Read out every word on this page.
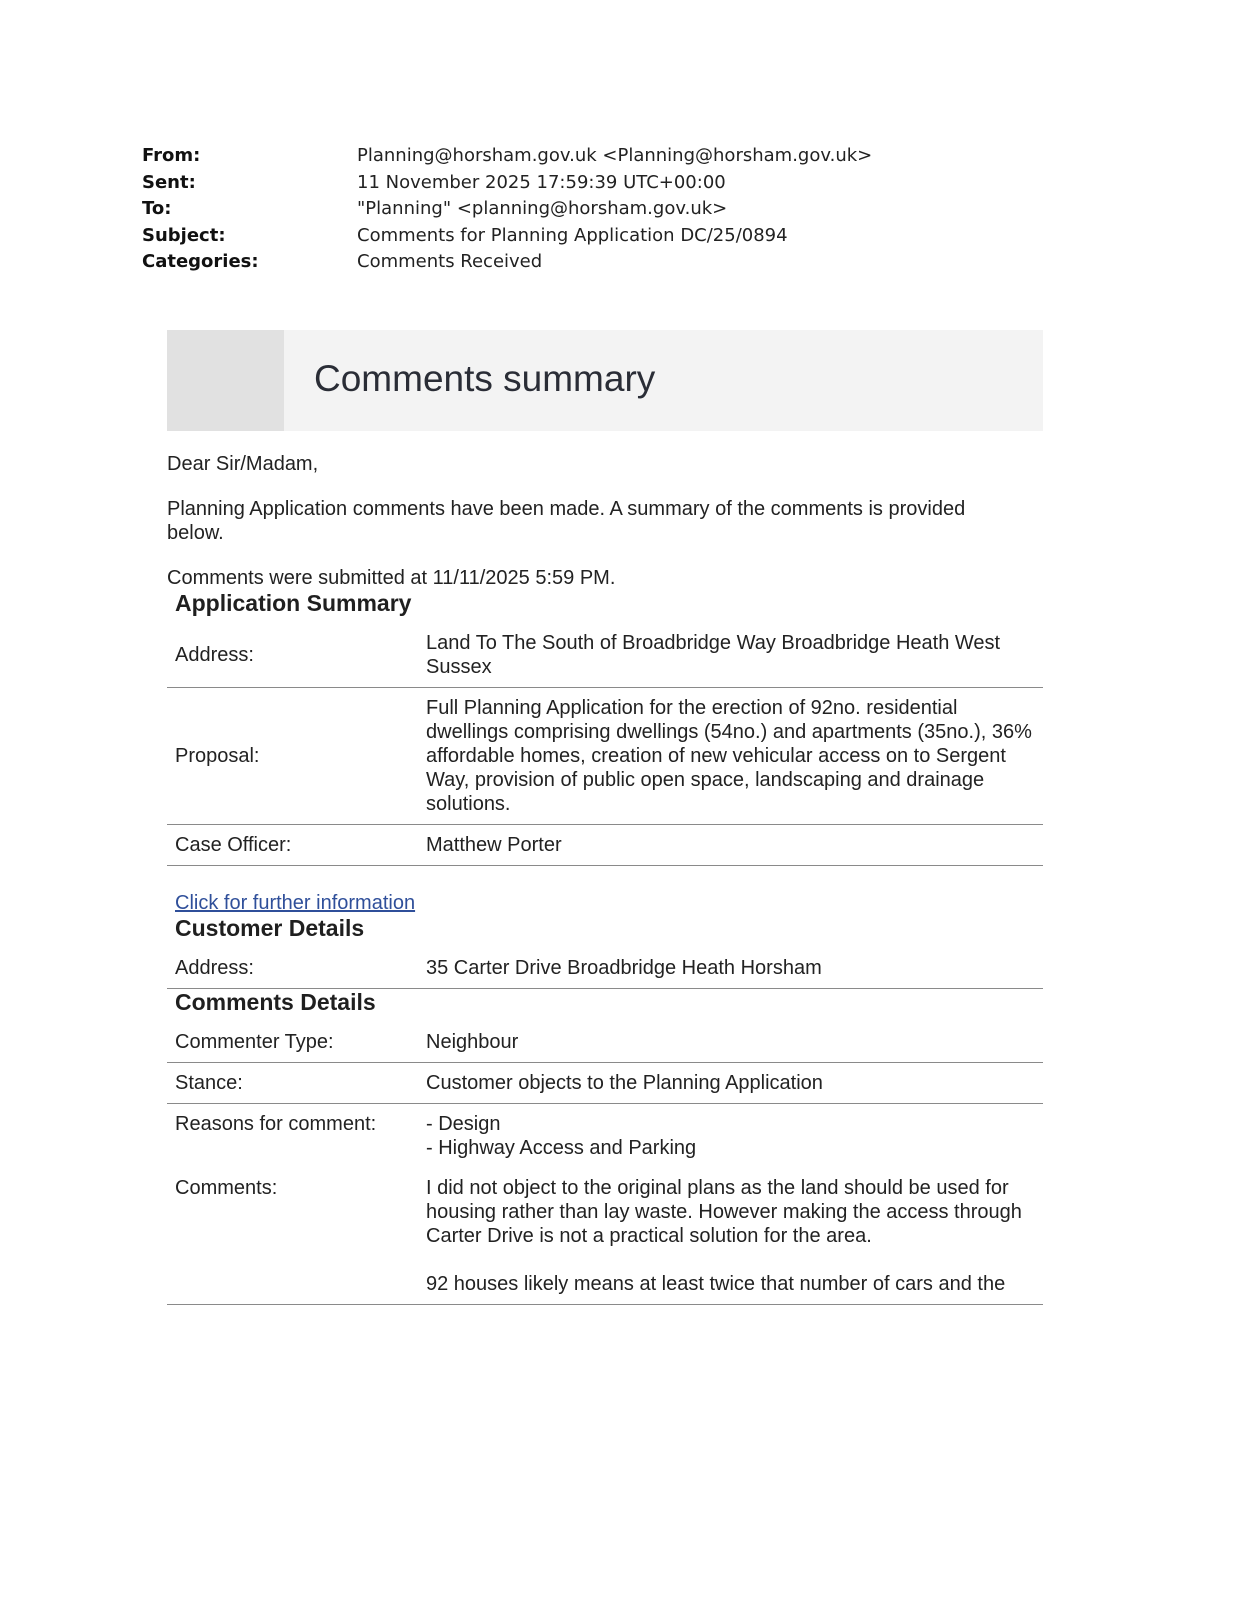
From:	Planning@horsham.gov.uk <Planning@horsham.gov.uk>
Sent:	11 November 2025 17:59:39 UTC+00:00
To:	"Planning" <planning@horsham.gov.uk>
Subject:	Comments for Planning Application DC/25/0894
Categories:	Comments Received
Comments summary

Dear Sir/Madam,

Planning Application comments have been made. A summary of the comments is provided below.

Comments were submitted at 11/11/2025 5:59 PM.

Application Summary
Address:	Land To The South of Broadbridge Way Broadbridge Heath West Sussex
Proposal:	Full Planning Application for the erection of 92no. residential dwellings comprising dwellings (54no.) and apartments (35no.), 36% affordable homes, creation of new vehicular access on to Sergent Way, provision of public open space, landscaping and drainage solutions.
Case Officer:	Matthew Porter
Click for further information
Customer Details
Address:	35 Carter Drive Broadbridge Heath Horsham
Comments Details
Commenter Type:	Neighbour
Stance:	Customer objects to the Planning Application
Reasons for comment:	- Design
- Highway Access and Parking

Comments:	I did not object to the original plans as the land should be used for housing rather than lay waste. However making the access through Carter Drive is not a practical solution for the area.

92 houses likely means at least twice that number of cars and the
